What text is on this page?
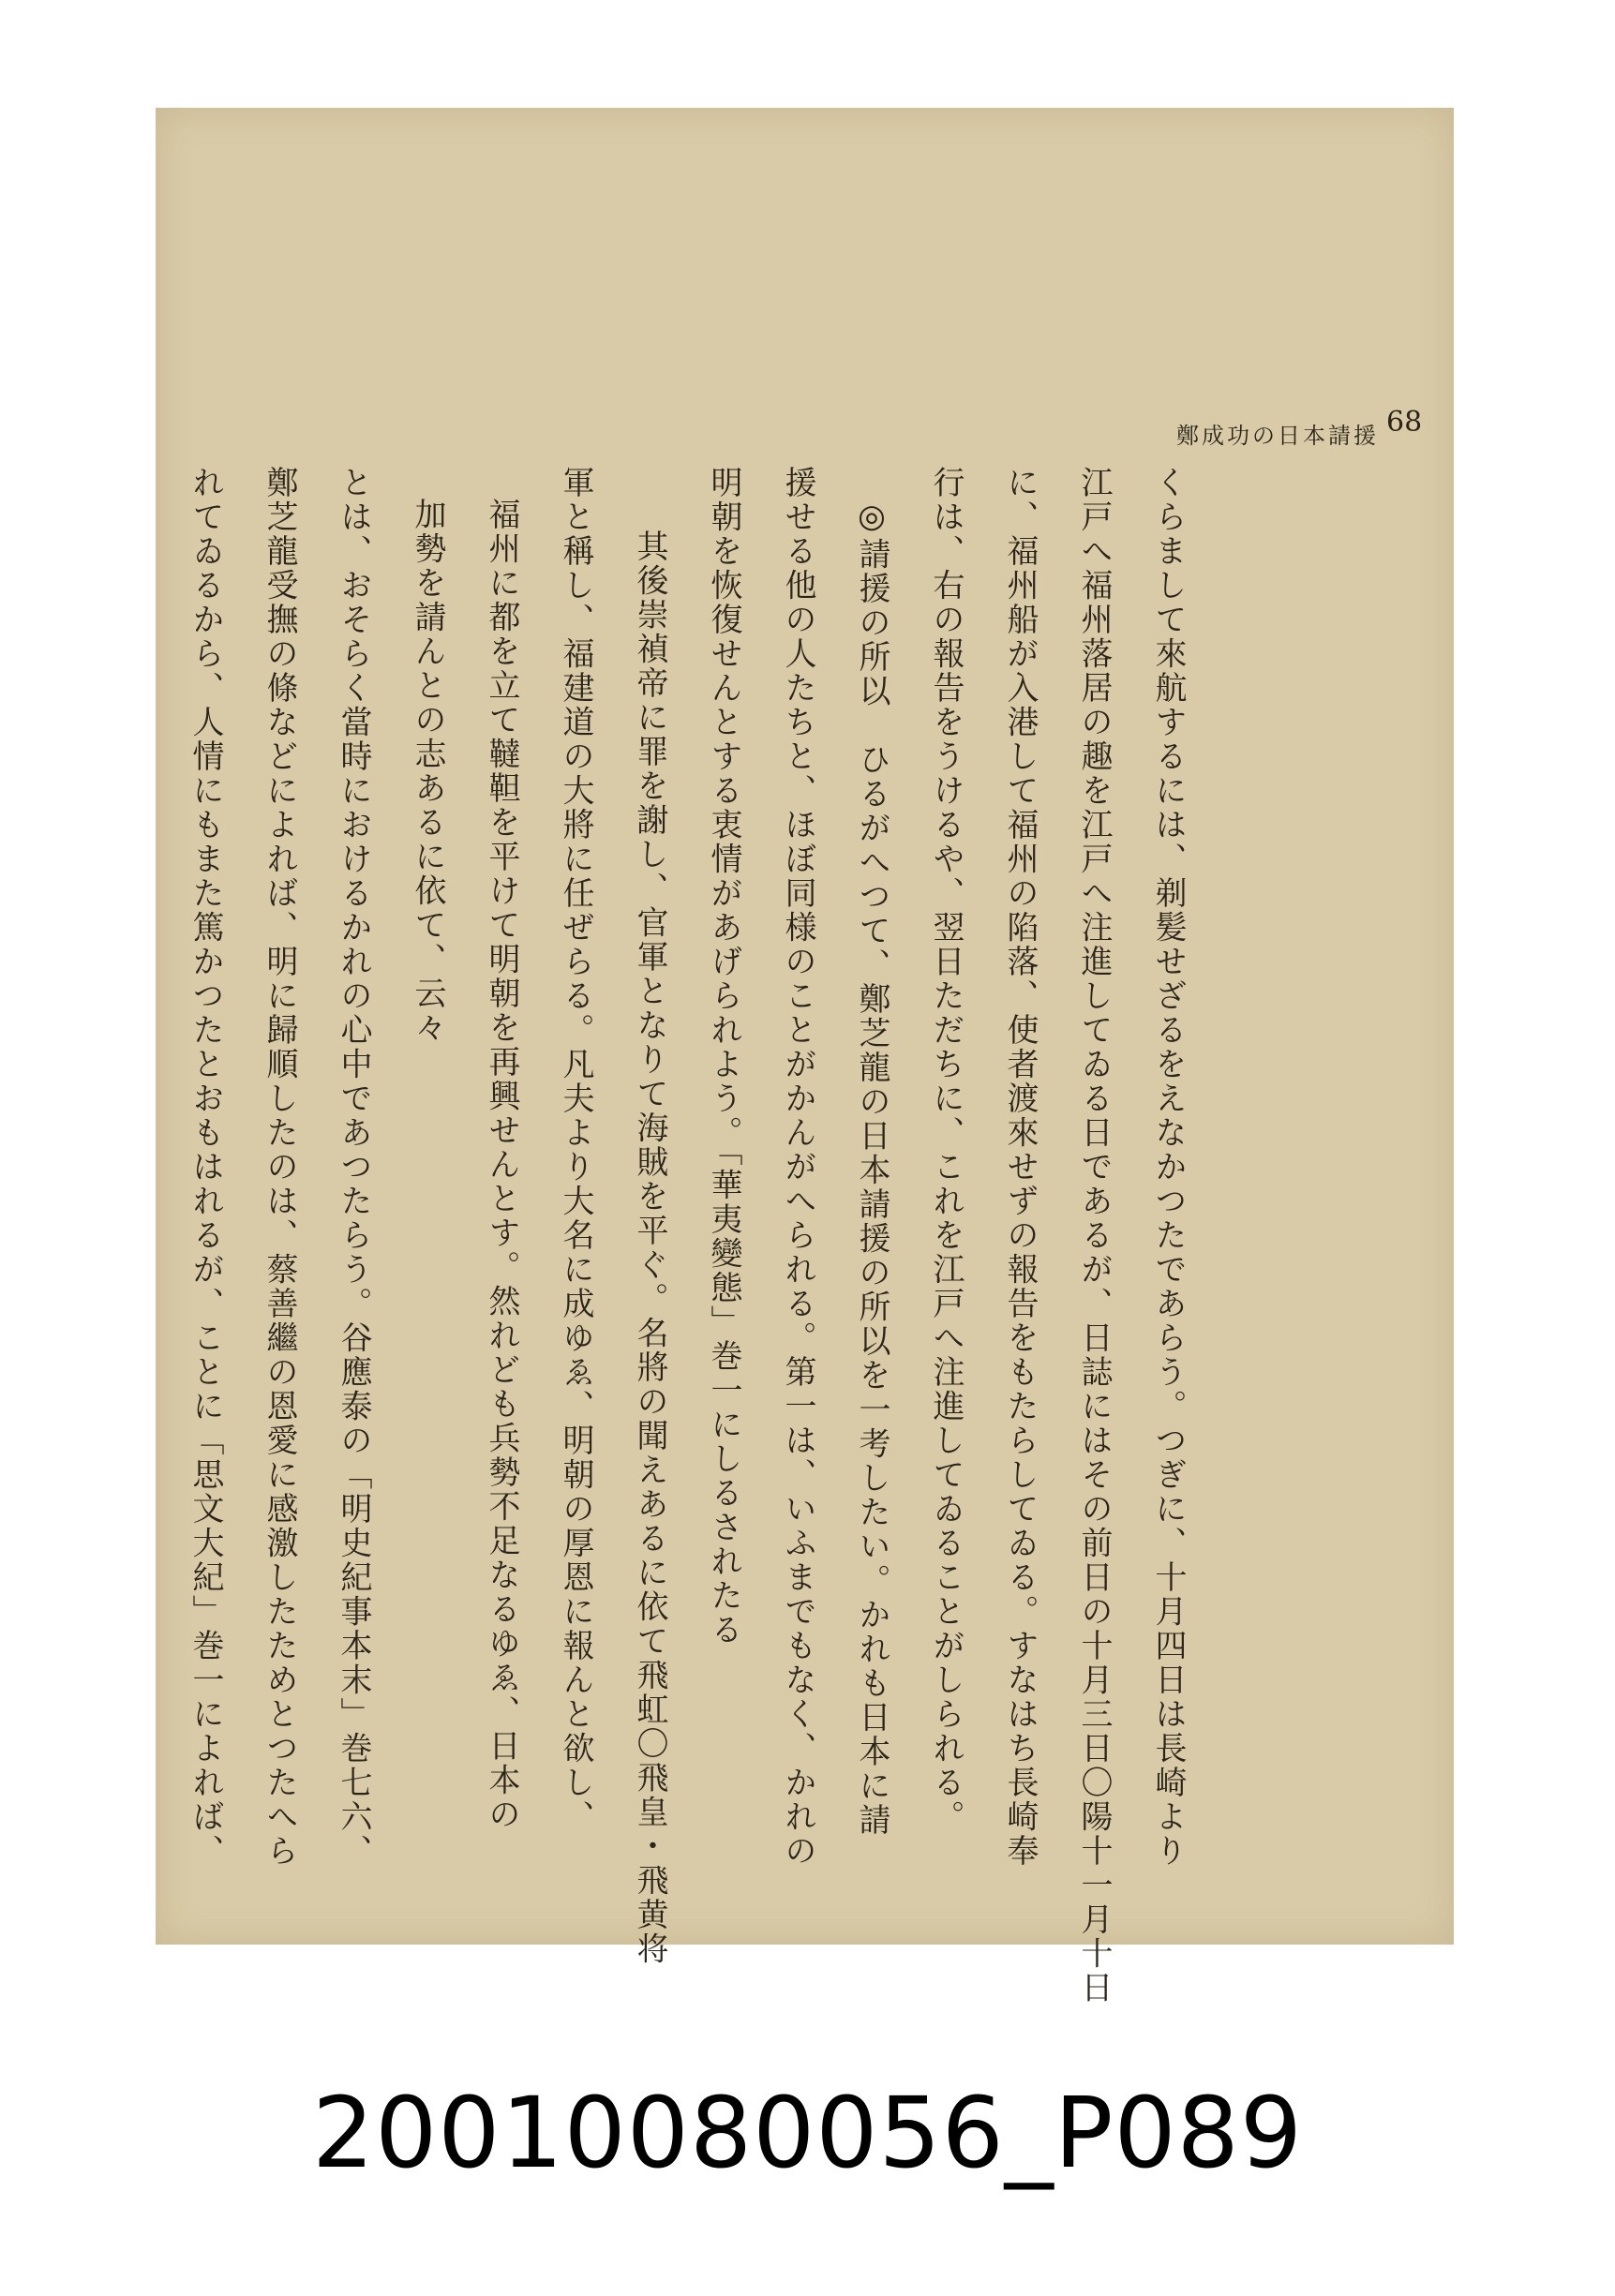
鄭成功の日本請援 68
くらまして來航するには、剃髪せざるをえなかつたであらう。つぎに、十月四日は長崎より
江戸へ福州落居の趣を江戸へ注進してゐる日であるが、日誌にはその前日の十月三日〇陽十一月十日
に、福州船が入港して福州の陷落、使者渡來せずの報告をもたらしてゐる。すなはち長崎奉
行は、右の報告をうけるや、翌日ただちに、これを江戸へ注進してゐることがしられる。
◎請援の所以　ひるがへつて、鄭芝龍の日本請援の所以を一考したい。かれも日本に請
援せる他の人たちと、ほぼ同様のことがかんがへられる。第一は、いふまでもなく、かれの
明朝を恢復せんとする衷情があげられよう。「華夷變態」巻一にしるされたる
其後崇禎帝に罪を謝し、官軍となりて海賊を平ぐ。名將の聞えあるに依て飛虹〇飛皇・飛黄将
軍と稱し、福建道の大將に任ぜらる。凡夫より大名に成ゆゑ、明朝の厚恩に報んと欲し、
福州に都を立て韃靼を平けて明朝を再興せんとす。然れども兵勢不足なるゆゑ、日本の
加勢を請んとの志あるに依て、云々
とは、おそらく當時におけるかれの心中であつたらう。谷應泰の「明史紀事本末」巻七六、
鄭芝龍受撫の條などによれば、明に歸順したのは、蔡善繼の恩愛に感激したためとつたへら
れてゐるから、人情にもまた篤かつたとおもはれるが、ことに「思文大紀」巻一によれば、
20010080056_P089
